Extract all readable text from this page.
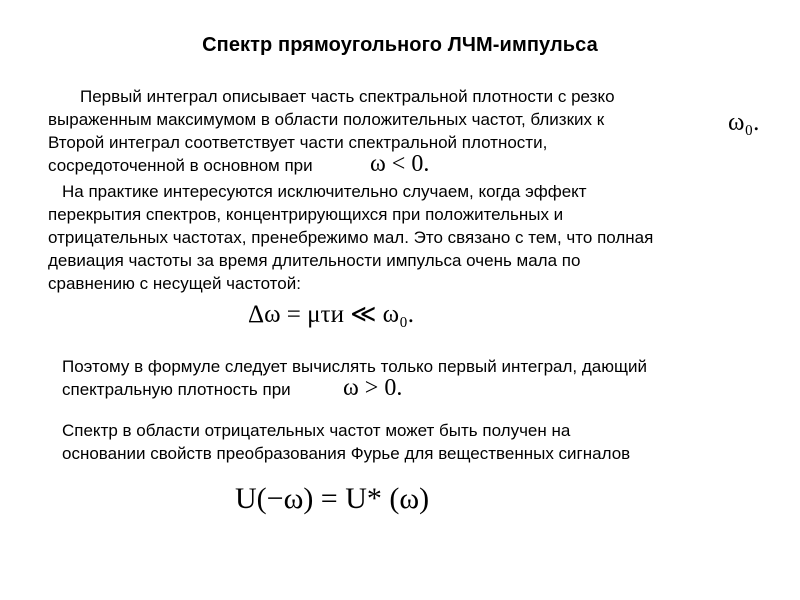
Спектр прямоугольного ЛЧМ-импульса
Первый интеграл описывает часть спектральной плотности с резко
выраженным максимумом в области положительных частот, близких к	ω₀.
Второй интеграл соответствует части спектральной плотности,
сосредоточенной в основном при ω < 0.
На практике интересуются исключительно случаем, когда эффект
перекрытия спектров, концентрирующихся при положительных и
отрицательных частотах, пренебрежимо мал. Это связано с тем, что полная
девиация частоты за время длительности импульса очень мала по
сравнению с несущей частотой:
Δω = μτи ≪ ω₀.
Поэтому в формуле следует вычислять только первый интеграл, дающий
спектральную плотность при ω > 0.
Спектр в области отрицательных частот может быть получен на
основании свойств преобразования Фурье для вещественных сигналов
U(−ω) = U* (ω)
